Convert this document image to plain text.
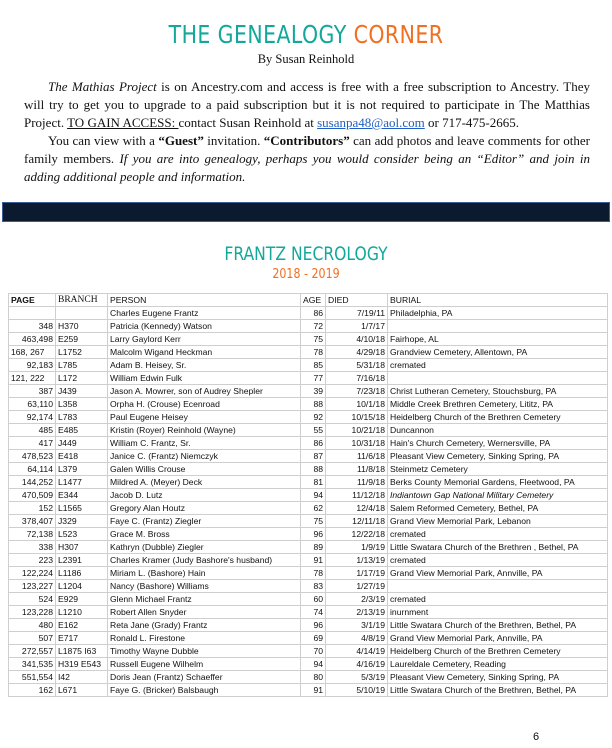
THE GENEALOGY CORNER
By Susan Reinhold

The Mathias Project is on Ancestry.com and access is free with a free subscription to Ancestry. They will try to get you to upgrade to a paid subscription but it is not required to participate in The Matthias Project. TO GAIN ACCESS: contact Susan Reinhold at susanpa48@aol.com or 717-475-2665.

You can view with a “Guest” invitation. “Contributors” can add photos and leave comments for other family members. If you are into genealogy, perhaps you would consider being an “Editor” and join in adding additional people and information.

FRANTZ NECROLOGY
2018 - 2019
PAGE	BRANCH	PERSON	AGE	DIED	BURIAL
		Charles Eugene Frantz	86	7/19/11	Philadelphia, PA
348	H370	Patricia (Kennedy) Watson	72	1/7/17	
463,498	E259	Larry Gaylord Kerr	75	4/10/18	Fairhope, AL
168, 267	L1752	Malcolm Wigand Heckman	78	4/29/18	Grandview Cemetery, Allentown, PA
92,183	L785	Adam B. Heisey, Sr.	85	5/31/18	cremated
121, 222	L172	William Edwin Fulk	77	7/16/18	
387	J439	Jason A. Mowrer, son of Audrey Shepler	39	7/23/18	Christ Lutheran Cemetery, Stouchsburg, PA
63,110	L358	Orpha H. (Crouse) Ecenroad	88	10/1/18	Middle Creek Brethren Cemetery, Lititz, PA
92,174	L783	Paul Eugene Heisey	92	10/15/18	Heidelberg Church of the Brethren Cemetery
485	E485	Kristin (Royer) Reinhold (Wayne)	55	10/21/18	Duncannon
417	J449	William C. Frantz, Sr.	86	10/31/18	Hain's Church Cemetery, Wernersville, PA
478,523	E418	Janice C. (Frantz) Niemczyk	87	11/6/18	Pleasant View Cemetery, Sinking Spring, PA
64,114	L379	Galen Willis Crouse	88	11/8/18	Steinmetz Cemetery
144,252	L1477	Mildred A. (Meyer) Deck	81	11/9/18	Berks County Memorial Gardens, Fleetwood, PA
470,509	E344	Jacob D. Lutz	94	11/12/18	Indiantown Gap National Military Cemetery
152	L1565	Gregory Alan Houtz	62	12/4/18	Salem Reformed Cemetery, Bethel, PA
378,407	J329	Faye C. (Frantz) Ziegler	75	12/11/18	Grand View Memorial Park, Lebanon
72,138	L523	Grace M. Bross	96	12/22/18	cremated
338	H307	Kathryn (Dubble) Ziegler	89	1/9/19	Little Swatara Church of the Brethren , Bethel, PA
223	L2391	Charles Kramer (Judy Bashore's husband)	91	1/13/19	cremated
122,224	L1186	Miriam L. (Bashore) Hain	78	1/17/19	Grand View Memorial Park, Annville, PA
123,227	L1204	Nancy (Bashore) Williams	83	1/27/19	
524	E929	Glenn Michael Frantz	60	2/3/19	cremated
123,228	L1210	Robert Allen Snyder	74	2/13/19	inurnment
480	E162	Reta Jane (Grady) Frantz	96	3/1/19	Little Swatara Church of the Brethren, Bethel, PA
507	E717	Ronald L. Firestone	69	4/8/19	Grand View Memorial Park, Annville, PA
272,557	L1875 I63	Timothy Wayne Dubble	70	4/14/19	Heidelberg Church of the Brethren Cemetery
341,535	H319 E543	Russell Eugene Wilhelm	94	4/16/19	Laureldale Cemetery, Reading
551,554	I42	Doris Jean (Frantz) Schaeffer	80	5/3/19	Pleasant View Cemetery, Sinking Spring, PA
162	L671	Faye G. (Bricker) Balsbaugh	91	5/10/19	Little Swatara Church of the Brethren, Bethel, PA
6
